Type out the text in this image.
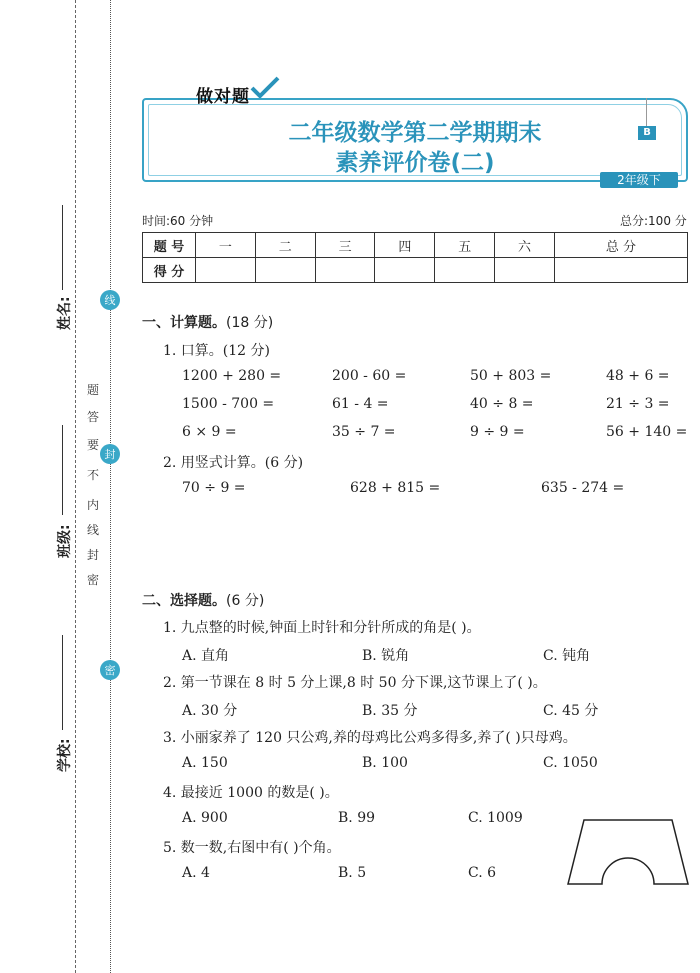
姓名:
班级:
学校:
线
封
密
密
封
线
内
不
要
答
题
二年级数学第二学期期末
素养评价卷(二)
做对题
B
2年级下
时间:60 分钟	总分:100 分
题 号	一	二	三	四	五	六	总 分
得 分							
一、计算题。(18 分)
1. 口算。(12 分)
1200 + 280 =	200 - 60 =	50 + 803 =	48 + 6 =
1500 - 700 =	61 - 4 =	40 ÷ 8 =	21 ÷ 3 =
6 × 9 =	35 ÷ 7 =	9 ÷ 9 =	56 + 140 =
2. 用竖式计算。(6 分)
70 ÷ 9 =	628 + 815 =	635 - 274 =
二、选择题。(6 分)
1. 九点整的时候,钟面上时针和分针所成的角是( )。
A. 直角	B. 锐角	C. 钝角
2. 第一节课在 8 时 5 分上课,8 时 50 分下课,这节课上了( )。
A. 30 分	B. 35 分	C. 45 分
3. 小丽家养了 120 只公鸡,养的母鸡比公鸡多得多,养了( )只母鸡。
A. 150	B. 100	C. 1050
4. 最接近 1000 的数是( )。
A. 900	B. 99	C. 1009
5. 数一数,右图中有( )个角。
A. 4	B. 5	C. 6
